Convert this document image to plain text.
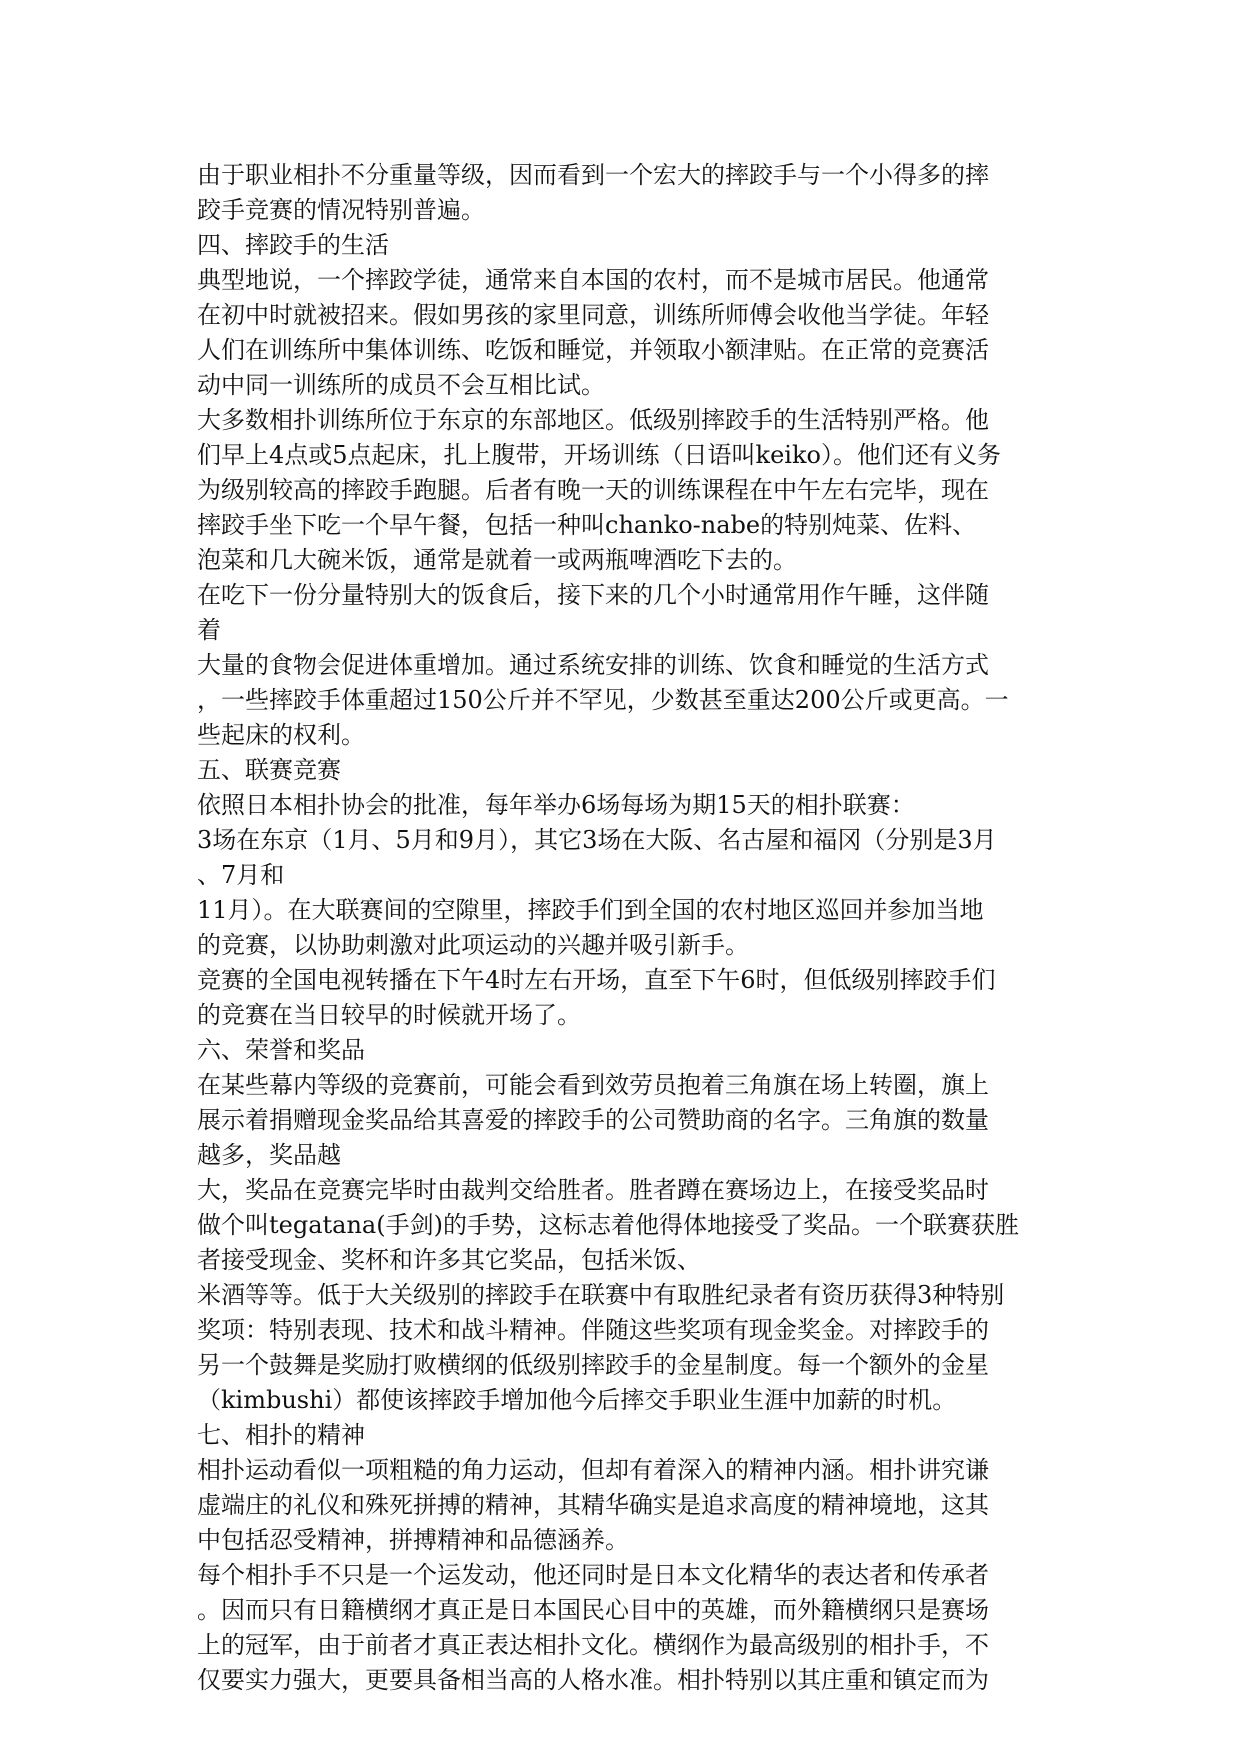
由于职业相扑不分重量等级，因而看到一个宏大的摔跤手与一个小得多的摔
跤手竞赛的情况特别普遍。
四、摔跤手的生活
典型地说，一个摔跤学徒，通常来自本国的农村，而不是城市居民。他通常
在初中时就被招来。假如男孩的家里同意，训练所师傅会收他当学徒。年轻
人们在训练所中集体训练、吃饭和睡觉，并领取小额津贴。在正常的竞赛活
动中同一训练所的成员不会互相比试。
大多数相扑训练所位于东京的东部地区。低级别摔跤手的生活特别严格。他
们早上4点或5点起床，扎上腹带，开场训练（日语叫keiko）。他们还有义务
为级别较高的摔跤手跑腿。后者有晚一天的训练课程在中午左右完毕，现在
摔跤手坐下吃一个早午餐，包括一种叫chanko-nabe的特别炖菜、佐料、
泡菜和几大碗米饭，通常是就着一或两瓶啤酒吃下去的。
在吃下一份分量特别大的饭食后，接下来的几个小时通常用作午睡，这伴随
着
大量的食物会促进体重增加。通过系统安排的训练、饮食和睡觉的生活方式
，一些摔跤手体重超过150公斤并不罕见，少数甚至重达200公斤或更高。一
些起床的权利。
五、联赛竞赛
依照日本相扑协会的批准，每年举办6场每场为期15天的相扑联赛：
3场在东京（1月、5月和9月），其它3场在大阪、名古屋和福冈（分别是3月
、7月和
11月）。在大联赛间的空隙里，摔跤手们到全国的农村地区巡回并参加当地
的竞赛，以协助刺激对此项运动的兴趣并吸引新手。
竞赛的全国电视转播在下午4时左右开场，直至下午6时，但低级别摔跤手们
的竞赛在当日较早的时候就开场了。
六、荣誉和奖品
在某些幕内等级的竞赛前，可能会看到效劳员抱着三角旗在场上转圈，旗上
展示着捐赠现金奖品给其喜爱的摔跤手的公司赞助商的名字。三角旗的数量
越多，奖品越
大，奖品在竞赛完毕时由裁判交给胜者。胜者蹲在赛场边上，在接受奖品时
做个叫tegatana(手剑)的手势，这标志着他得体地接受了奖品。一个联赛获胜
者接受现金、奖杯和许多其它奖品，包括米饭、
米酒等等。低于大关级别的摔跤手在联赛中有取胜纪录者有资历获得3种特别
奖项：特别表现、技术和战斗精神。伴随这些奖项有现金奖金。对摔跤手的
另一个鼓舞是奖励打败横纲的低级别摔跤手的金星制度。每一个额外的金星
（kimbushi）都使该摔跤手增加他今后摔交手职业生涯中加薪的时机。
七、相扑的精神
相扑运动看似一项粗糙的角力运动，但却有着深入的精神内涵。相扑讲究谦
虚端庄的礼仪和殊死拼搏的精神，其精华确实是追求高度的精神境地，这其
中包括忍受精神，拼搏精神和品德涵养。
每个相扑手不只是一个运发动，他还同时是日本文化精华的表达者和传承者
。因而只有日籍横纲才真正是日本国民心目中的英雄，而外籍横纲只是赛场
上的冠军，由于前者才真正表达相扑文化。横纲作为最高级别的相扑手，不
仅要实力强大，更要具备相当高的人格水准。相扑特别以其庄重和镇定而为
